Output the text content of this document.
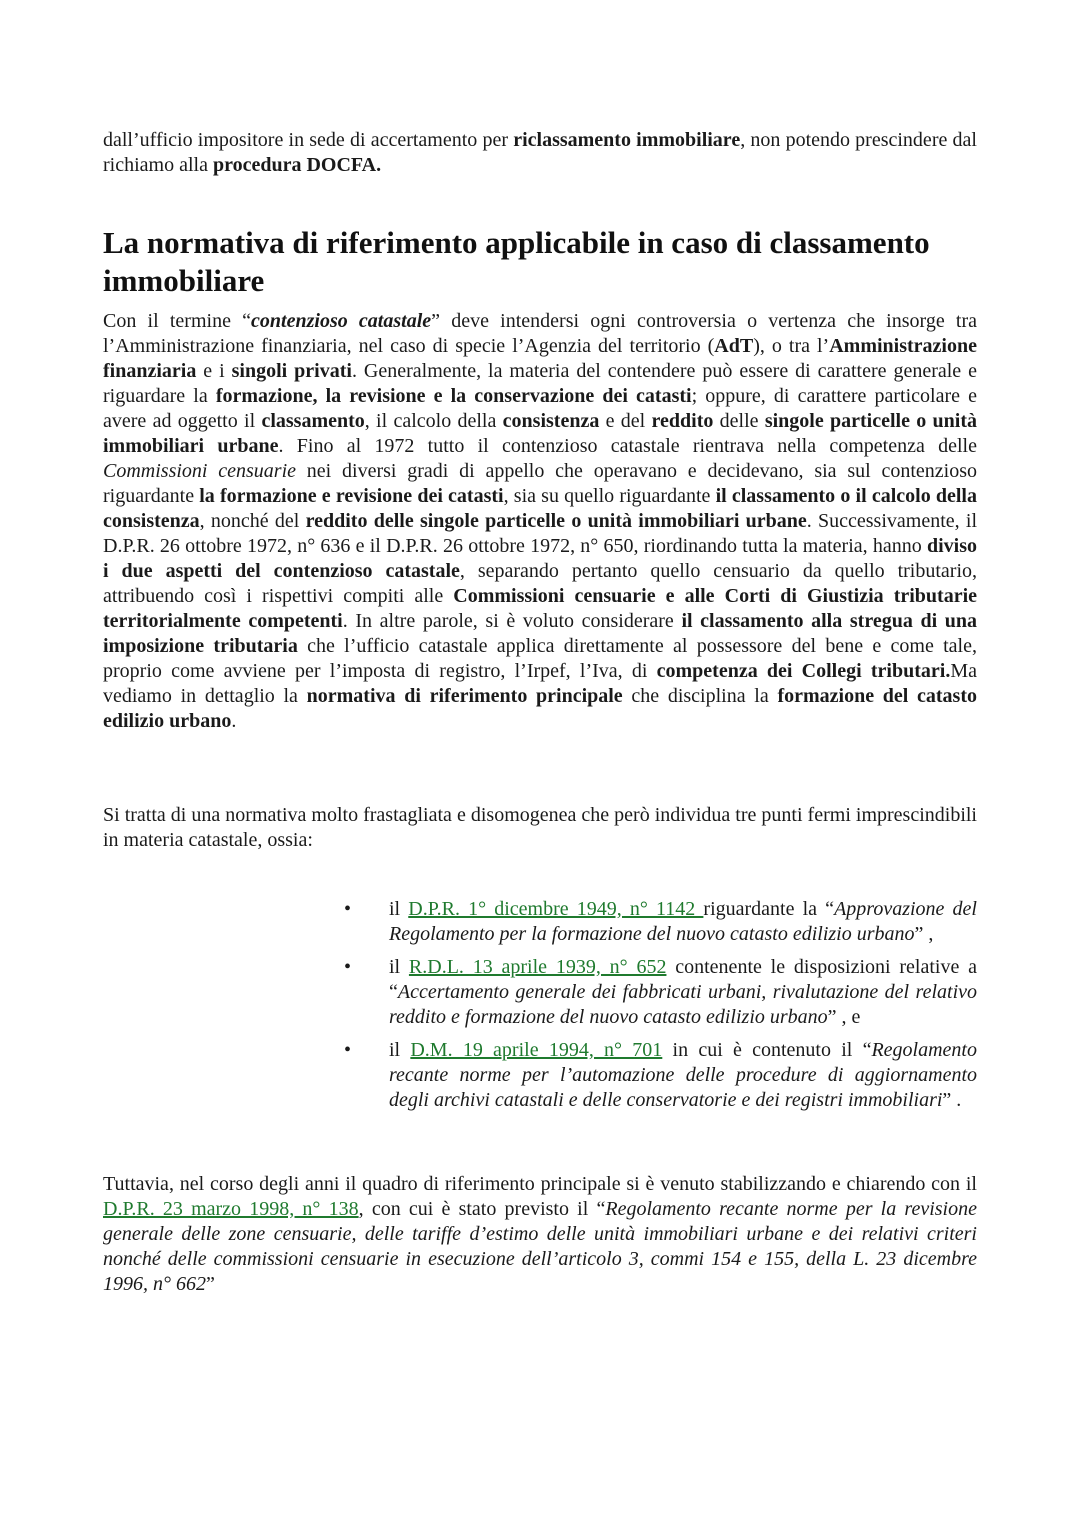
dall’ufficio impositore in sede di accertamento per riclassamento immobiliare, non potendo prescindere dal richiamo alla procedura DOCFA.

La normativa di riferimento applicabile in caso di classamento immobiliare

Con il termine “contenzioso catastale” deve intendersi ogni controversia o vertenza che insorge tra l’Amministrazione finanziaria, nel caso di specie l’Agenzia del territorio (AdT), o tra l’Amministrazione finanziaria e i singoli privati. Generalmente, la materia del contendere può essere di carattere generale e riguardare la formazione, la revisione e la conservazione dei catasti; oppure, di carattere particolare e avere ad oggetto il classamento, il calcolo della consistenza e del reddito delle singole particelle o unità immobiliari urbane. Fino al 1972 tutto il contenzioso catastale rientrava nella competenza delle Commissioni censuarie nei diversi gradi di appello che operavano e decidevano, sia sul contenzioso riguardante la formazione e revisione dei catasti, sia su quello riguardante il classamento o il calcolo della consistenza, nonché del reddito delle singole particelle o unità immobiliari urbane. Successivamente, il D.P.R. 26 ottobre 1972, n° 636 e il D.P.R. 26 ottobre 1972, n° 650, riordinando tutta la materia, hanno diviso i due aspetti del contenzioso catastale, separando pertanto quello censuario da quello tributario, attribuendo così i rispettivi compiti alle Commissioni censuarie e alle Corti di Giustizia tributarie territorialmente competenti. In altre parole, si è voluto considerare il classamento alla stregua di una imposizione tributaria che l’ufficio catastale applica direttamente al possessore del bene e come tale, proprio come avviene per l’imposta di registro, l’Irpef, l’Iva, di competenza dei Collegi tributari.Ma vediamo in dettaglio la normativa di riferimento principale che disciplina la formazione del catasto edilizio urbano.

Si tratta di una normativa molto frastagliata e disomogenea che però individua tre punti fermi imprescindibili in materia catastale, ossia:

• il D.P.R. 1° dicembre 1949, n° 1142 riguardante la “Approvazione del Regolamento per la formazione del nuovo catasto edilizio urbano” ,
• il R.D.L. 13 aprile 1939, n° 652 contenente le disposizioni relative a “Accertamento generale dei fabbricati urbani, rivalutazione del relativo reddito e formazione del nuovo catasto edilizio urbano” , e
• il D.M. 19 aprile 1994, n° 701 in cui è contenuto il “Regolamento recante norme per l’automazione delle procedure di aggiornamento degli archivi catastali e delle conservatorie e dei registri immobiliari” .

Tuttavia, nel corso degli anni il quadro di riferimento principale si è venuto stabilizzando e chiarendo con il D.P.R. 23 marzo 1998, n° 138, con cui è stato previsto il “Regolamento recante norme per la revisione generale delle zone censuarie, delle tariffe d’estimo delle unità immobiliari urbane e dei relativi criteri nonché delle commissioni censuarie in esecuzione dell’articolo 3, commi 154 e 155, della L. 23 dicembre 1996, n° 662”
